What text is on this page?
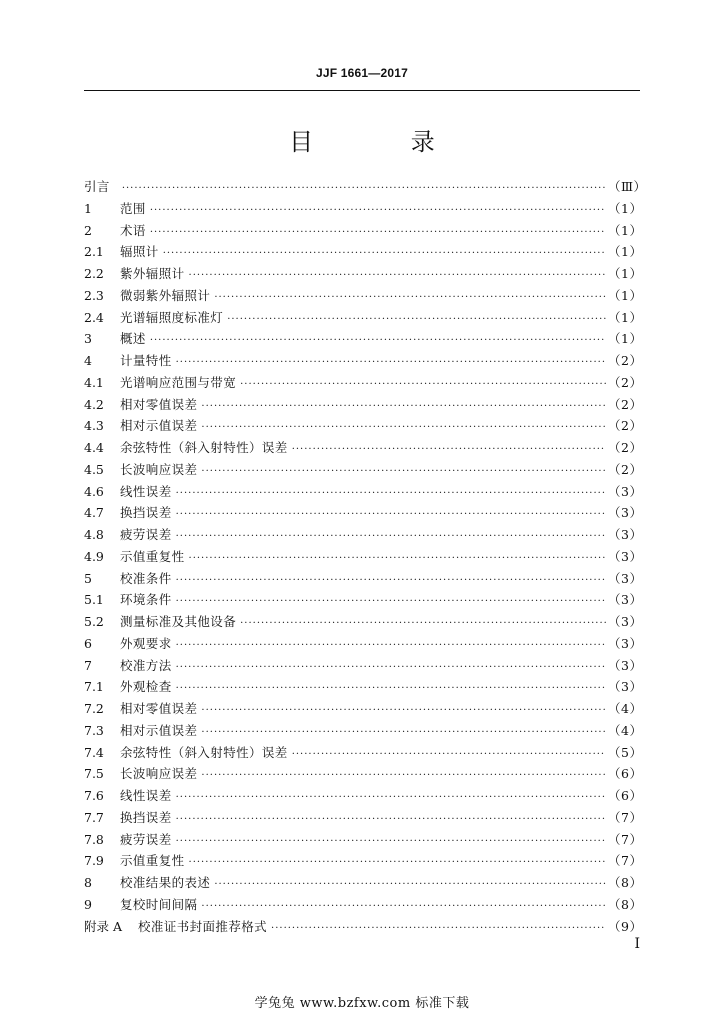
JJF 1661—2017
目 录
引言 ·····	（Ⅲ）
1	范围 ·····	（1）
2	术语 ·····	（1）
2.1	辐照计 ·····	（1）
2.2	紫外辐照计 ·····	（1）
2.3	微弱紫外辐照计 ·····	（1）
2.4	光谱辐照度标准灯 ·····	（1）
3	概述 ·····	（1）
4	计量特性 ·····	（2）
4.1	光谱响应范围与带宽 ·····	（2）
4.2	相对零值误差 ·····	（2）
4.3	相对示值误差 ·····	（2）
4.4	余弦特性（斜入射特性）误差 ·····	（2）
4.5	长波响应误差 ·····	（2）
4.6	线性误差 ·····	（3）
4.7	换挡误差 ·····	（3）
4.8	疲劳误差 ·····	（3）
4.9	示值重复性 ·····	（3）
5	校准条件 ·····	（3）
5.1	环境条件 ·····	（3）
5.2	测量标准及其他设备 ·····	（3）
6	外观要求 ·····	（3）
7	校准方法 ·····	（3）
7.1	外观检查 ·····	（3）
7.2	相对零值误差 ·····	（4）
7.3	相对示值误差 ·····	（4）
7.4	余弦特性（斜入射特性）误差 ·····	（5）
7.5	长波响应误差 ·····	（6）
7.6	线性误差 ·····	（6）
7.7	换挡误差 ·····	（7）
7.8	疲劳误差 ·····	（7）
7.9	示值重复性 ·····	（7）
8	校准结果的表述 ·····	（8）
9	复校时间间隔 ·····	（8）
附录 A 校准证书封面推荐格式 ·····	（9）
I
学兔兔 www.bzfxw.com 标准下载
